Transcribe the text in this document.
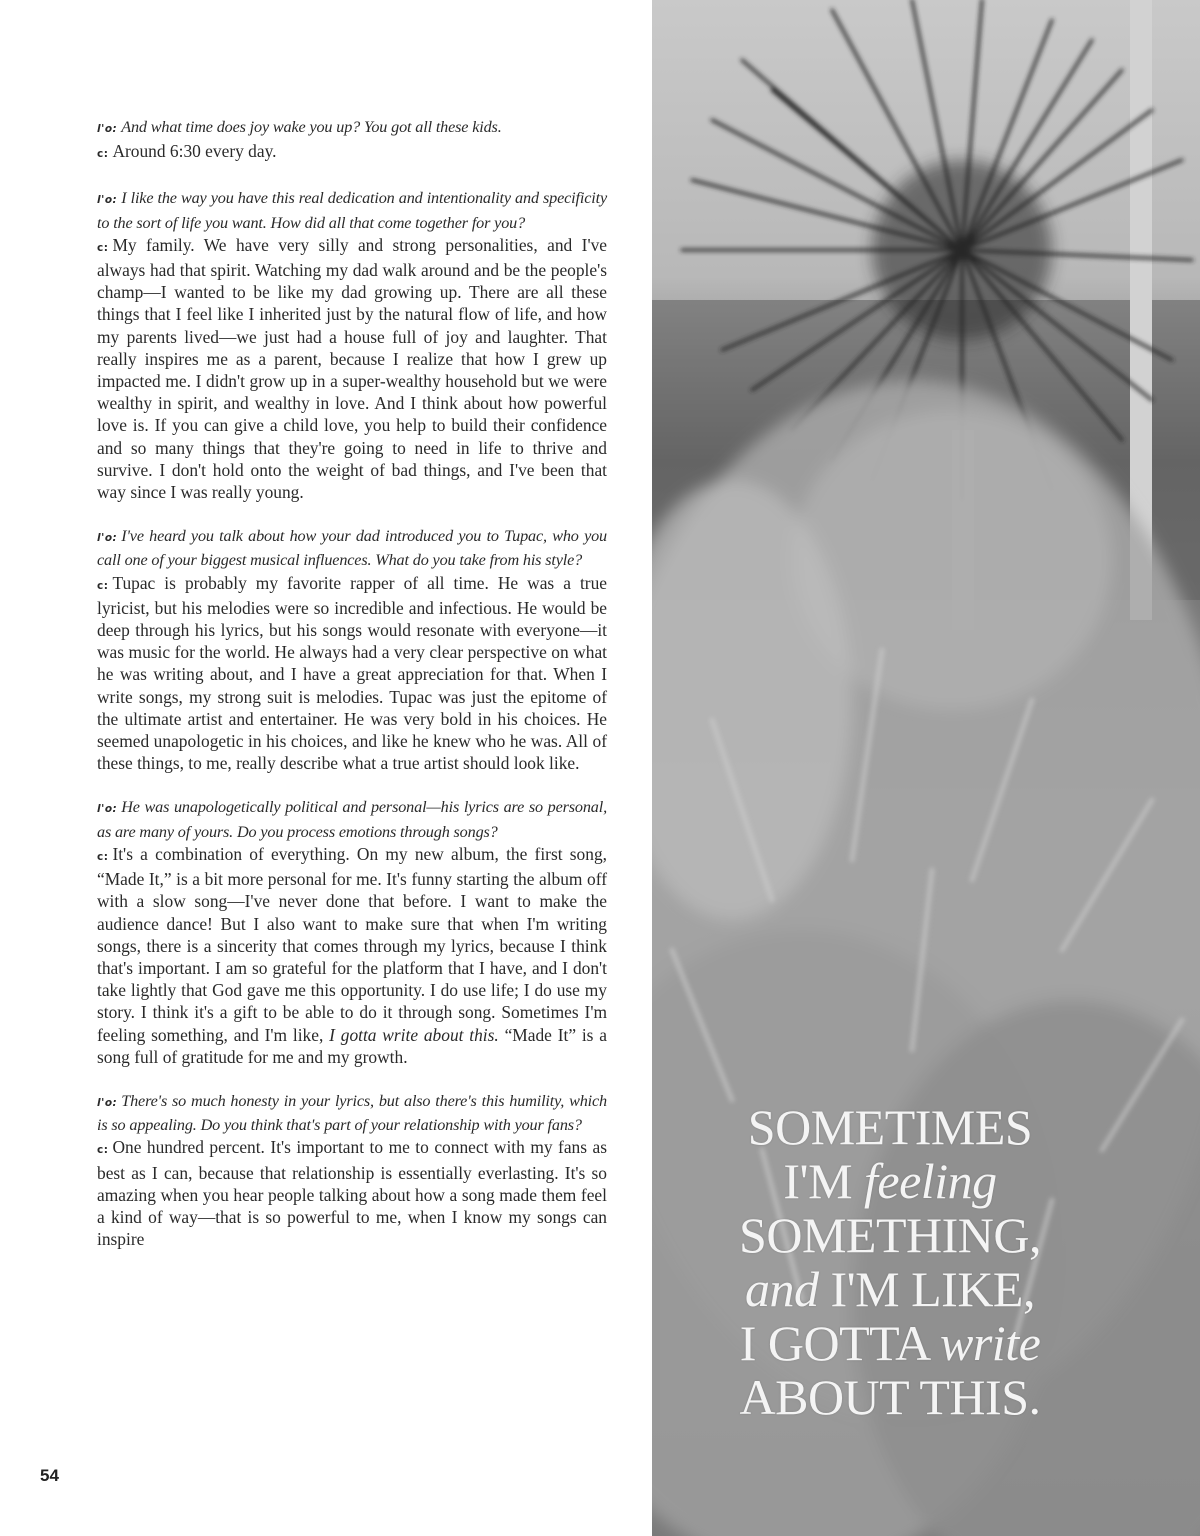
l'o: And what time does joy wake you up? You got all these kids.
c: Around 6:30 every day.
l'o: I like the way you have this real dedication and intentionality and specificity to the sort of life you want. How did all that come together for you?
c: My family. We have very silly and strong personalities, and I've always had that spirit. Watching my dad walk around and be the people's champ—I wanted to be like my dad growing up. There are all these things that I feel like I inherited just by the natural flow of life, and how my parents lived—we just had a house full of joy and laughter. That really inspires me as a parent, because I realize that how I grew up impacted me. I didn't grow up in a super-wealthy household but we were wealthy in spirit, and wealthy in love. And I think about how powerful love is. If you can give a child love, you help to build their confidence and so many things that they're going to need in life to thrive and survive. I don't hold onto the weight of bad things, and I've been that way since I was really young.
l'o: I've heard you talk about how your dad introduced you to Tupac, who you call one of your biggest musical influences. What do you take from his style?
c: Tupac is probably my favorite rapper of all time. He was a true lyricist, but his melodies were so incredible and infectious. He would be deep through his lyrics, but his songs would resonate with everyone—it was music for the world. He always had a very clear perspective on what he was writing about, and I have a great appreciation for that. When I write songs, my strong suit is melodies. Tupac was just the epitome of the ultimate artist and entertainer. He was very bold in his choices. He seemed unapologetic in his choices, and like he knew who he was. All of these things, to me, really describe what a true artist should look like.
l'o: He was unapologetically political and personal—his lyrics are so personal, as are many of yours. Do you process emotions through songs?
c: It's a combination of everything. On my new album, the first song, “Made It,” is a bit more personal for me. It's funny starting the album off with a slow song—I've never done that before. I want to make the audience dance! But I also want to make sure that when I'm writing songs, there is a sincerity that comes through my lyrics, because I think that's important. I am so grateful for the platform that I have, and I don't take lightly that God gave me this opportunity. I do use life; I do use my story. I think it's a gift to be able to do it through song. Sometimes I'm feeling something, and I'm like, I gotta write about this. “Made It” is a song full of gratitude for me and my growth.
l'o: There's so much honesty in your lyrics, but also there's this humility, which is so appealing. Do you think that's part of your relationship with your fans?
c: One hundred percent. It's important to me to connect with my fans as best as I can, because that relationship is essentially everlasting. It's so amazing when you hear people talking about how a song made them feel a kind of way—that is so powerful to me, when I know my songs can inspire
54
SOMETIMES
I'M feeling
SOMETHING,
and I'M LIKE,
I GOTTA write
ABOUT THIS.
